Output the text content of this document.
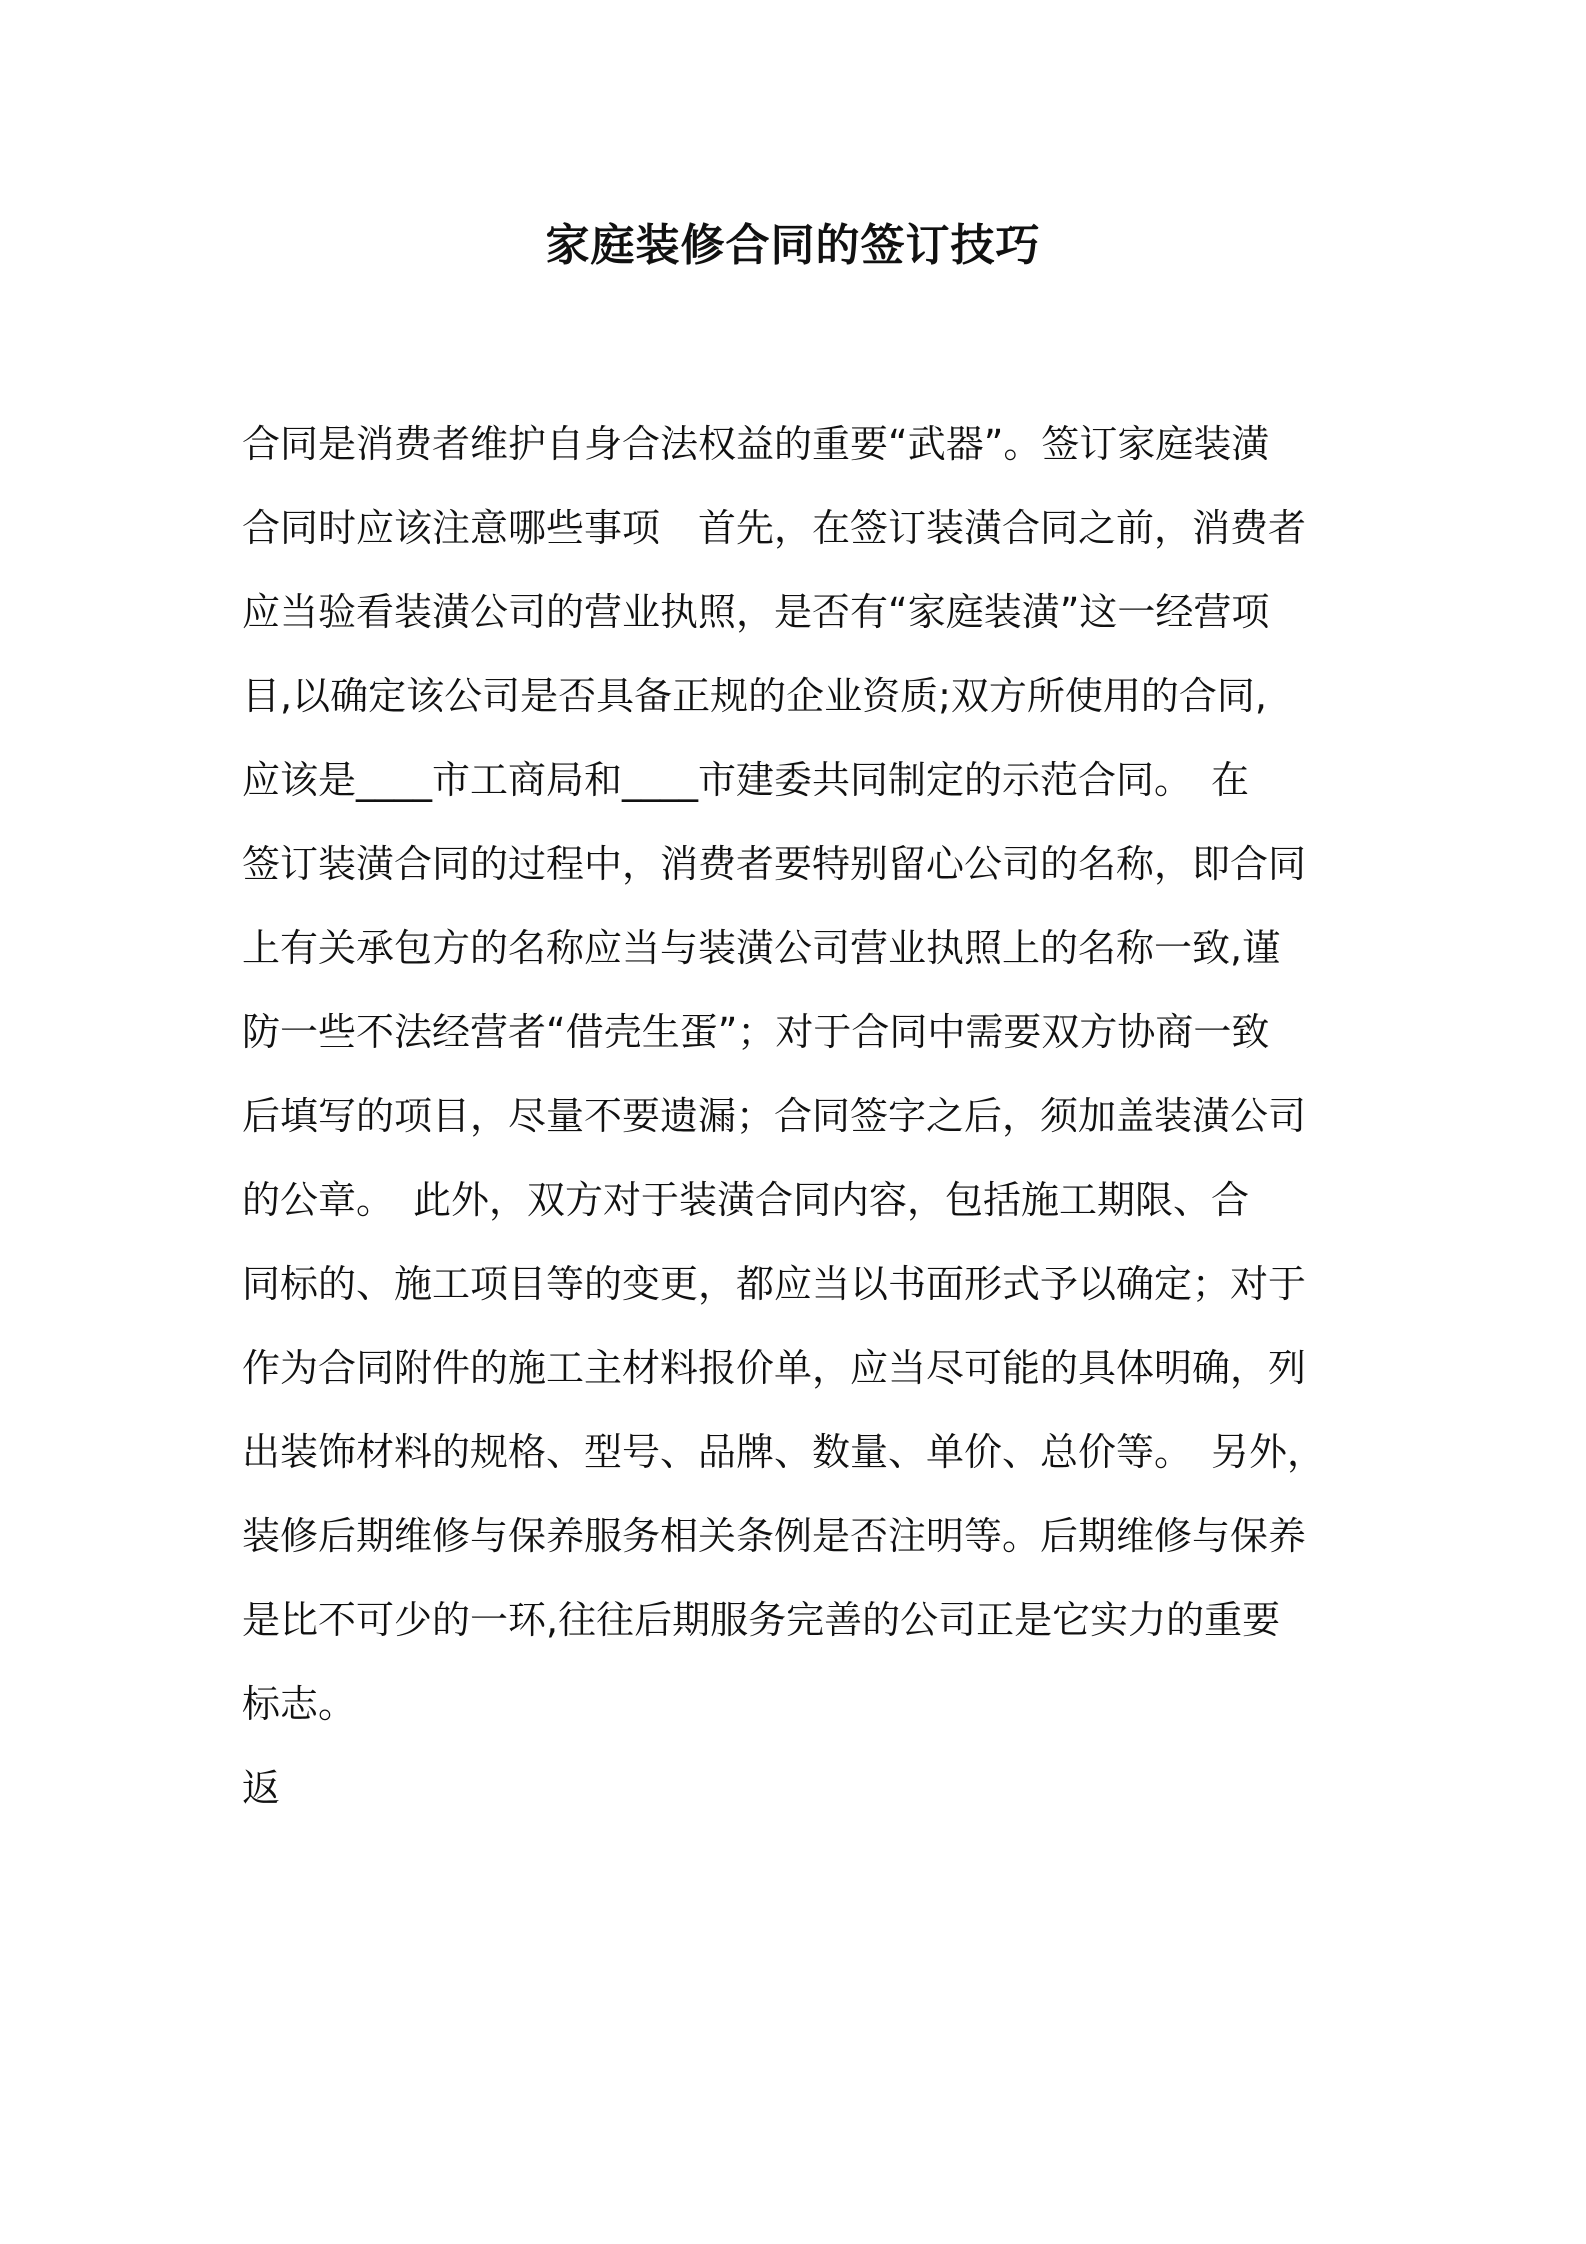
家庭装修合同的签订技巧
合同是消费者维护自身合法权益的重要“武器”。签订家庭装潢
合同时应该注意哪些事项　首先，在签订装潢合同之前，消费者
应当验看装潢公司的营业执照，是否有“家庭装潢”这一经营项
目,以确定该公司是否具备正规的企业资质;双方所使用的合同,
应该是____市工商局和____市建委共同制定的示范合同。　在
签订装潢合同的过程中，消费者要特别留心公司的名称，即合同
上有关承包方的名称应当与装潢公司营业执照上的名称一致,谨
防一些不法经营者“借壳生蛋”；对于合同中需要双方协商一致
后填写的项目，尽量不要遗漏；合同签字之后，须加盖装潢公司
的公章。　此外，双方对于装潢合同内容，包括施工期限、合
同标的、施工项目等的变更，都应当以书面形式予以确定；对于
作为合同附件的施工主材料报价单，应当尽可能的具体明确，列
出装饰材料的规格、型号、品牌、数量、单价、总价等。　另外，
装修后期维修与保养服务相关条例是否注明等。后期维修与保养
是比不可少的一环,往往后期服务完善的公司正是它实力的重要
标志。
返
